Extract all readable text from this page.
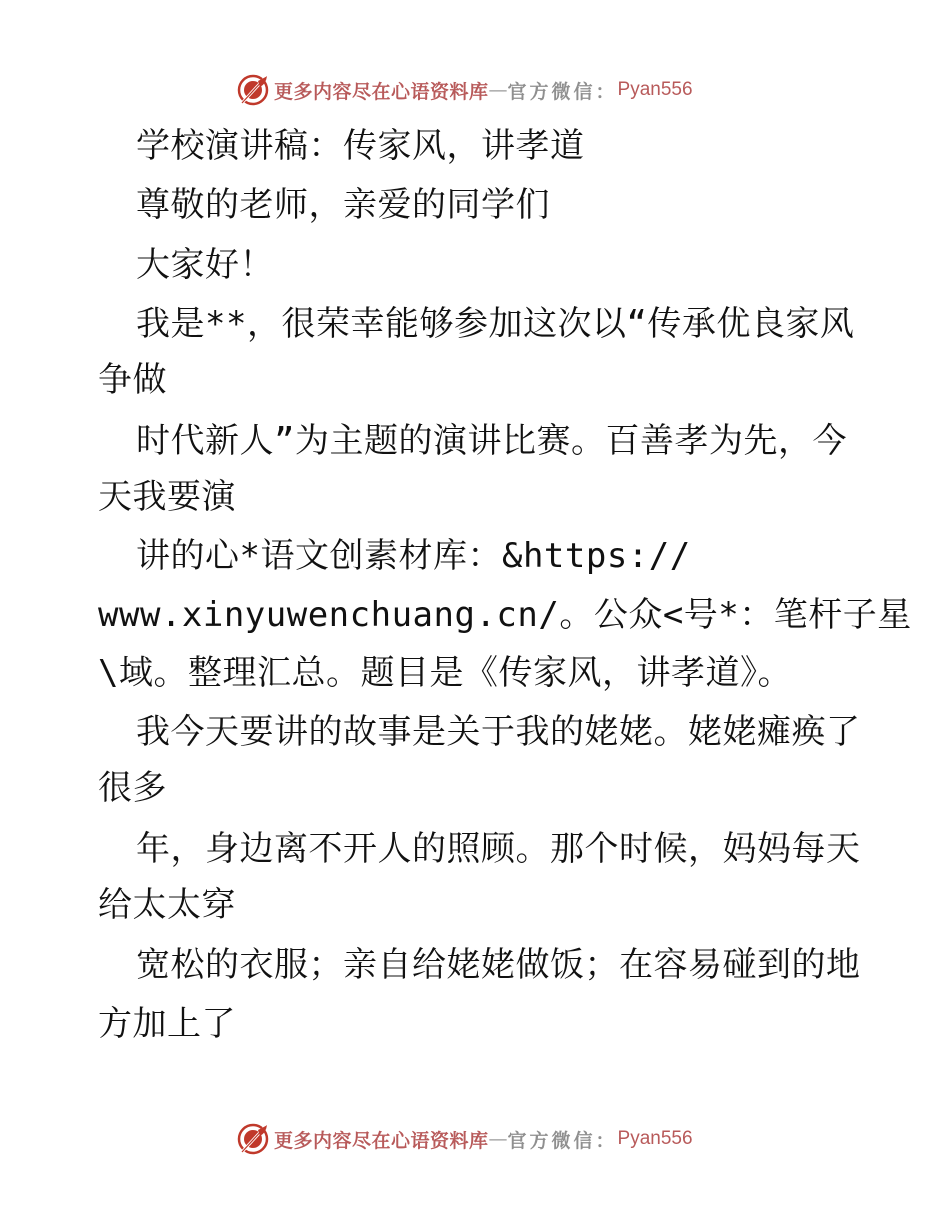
更多内容尽在心语资料库 — 官方微信： Pyan556
学校演讲稿：传家风，讲孝道
尊敬的老师，亲爱的同学们
大家好！
我是**，很荣幸能够参加这次以“传承优良家风
争做
时代新人”为主题的演讲比赛。百善孝为先，今
天我要演
讲的心*语文创素材库：&https://
www.xinyuwenchuang.cn/。公众<号*：笔杆子星
\域。整理汇总。题目是《传家风，讲孝道》。
我今天要讲的故事是关于我的姥姥。姥姥瘫痪了
很多
年，身边离不开人的照顾。那个时候，妈妈每天
给太太穿
宽松的衣服；亲自给姥姥做饭；在容易碰到的地
方加上了
更多内容尽在心语资料库 — 官方微信： Pyan556
